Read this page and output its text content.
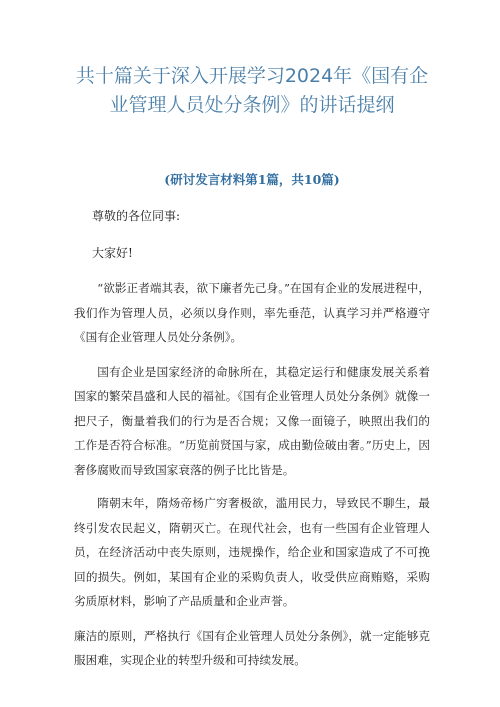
共十篇关于深入开展学习2024年《国有企
业管理人员处分条例》的讲话提纲
(研讨发言材料第1篇，共10篇)
尊敬的各位同事:
大家好!

“欲影正者端其表，欲下廉者先己身。”在国有企业的发展进程中，我们作为管理人员，必须以身作则，率先垂范，认真学习并严格遵守《国有企业管理人员处分条例》。

国有企业是国家经济的命脉所在，其稳定运行和健康发展关系着国家的繁荣昌盛和人民的福祉。《国有企业管理人员处分条例》就像一把尺子，衡量着我们的行为是否合规；又像一面镜子，映照出我们的工作是否符合标准。“历览前贤国与家，成由勤俭破由奢。”历史上，因奢侈腐败而导致国家衰落的例子比比皆是。

隋朝末年，隋炀帝杨广穷奢极欲，滥用民力，导致民不聊生，最终引发农民起义，隋朝灭亡。在现代社会，也有一些国有企业管理人员，在经济活动中丧失原则，违规操作，给企业和国家造成了不可挽回的损失。例如，某国有企业的采购负责人，收受供应商贿赂，采购劣质原材料，影响了产品质量和企业声誉。

廉洁的原则，严格执行《国有企业管理人员处分条例》，就一定能够克服困难，实现企业的转型升级和可持续发展。
